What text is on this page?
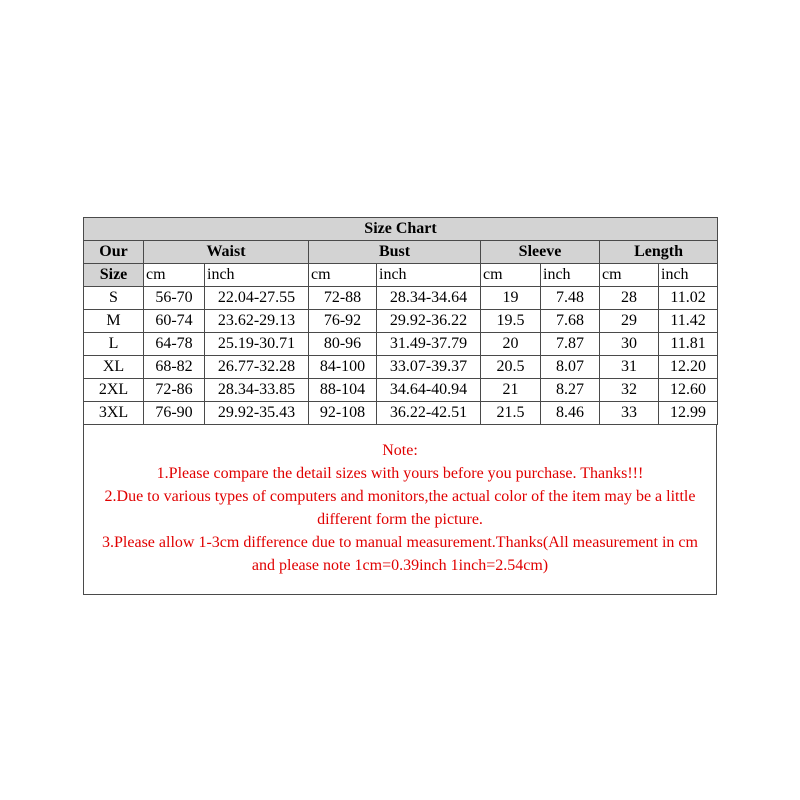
Size Chart								
Our	Waist		Bust		Sleeve		Length	
Size	cm	inch	cm	inch	cm	inch	cm	inch
S	56-70	22.04-27.55	72-88	28.34-34.64	19	7.48	28	11.02
M	60-74	23.62-29.13	76-92	29.92-36.22	19.5	7.68	29	11.42
L	64-78	25.19-30.71	80-96	31.49-37.79	20	7.87	30	11.81
XL	68-82	26.77-32.28	84-100	33.07-39.37	20.5	8.07	31	12.20
2XL	72-86	28.34-33.85	88-104	34.64-40.94	21	8.27	32	12.60
3XL	76-90	29.92-35.43	92-108	36.22-42.51	21.5	8.46	33	12.99
Note:
1.Please compare the detail sizes with yours before you purchase. Thanks!!!
2.Due to various types of computers and monitors,the actual color of the item may be a little different form the picture.
3.Please allow 1-3cm difference due to manual measurement.Thanks(All measurement in cm and please note 1cm=0.39inch 1inch=2.54cm)
